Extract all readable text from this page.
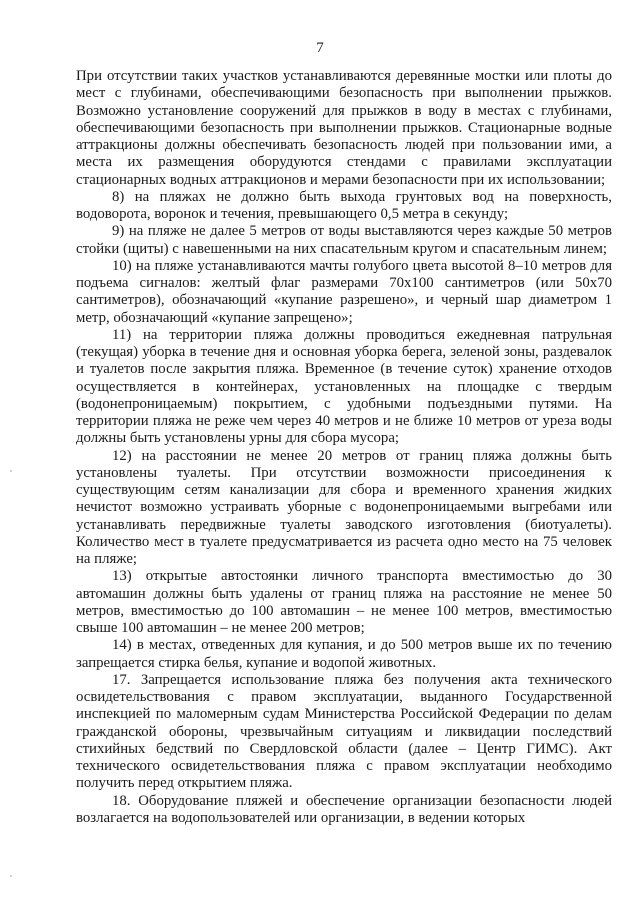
7

При отсутствии таких участков устанавливаются деревянные мостки или плоты до мест с глубинами, обеспечивающими безопасность при выполнении прыжков. Возможно установление сооружений для прыжков в воду в местах с глубинами, обеспечивающими безопасность при выполнении прыжков. Стационарные водные аттракционы должны обеспечивать безопасность людей при пользовании ими, а места их размещения оборудуются стендами с правилами эксплуатации стационарных водных аттракционов и мерами безопасности при их использовании;

8) на пляжах не должно быть выхода грунтовых вод на поверхность, водоворота, воронок и течения, превышающего 0,5 метра в секунду;

9) на пляже не далее 5 метров от воды выставляются через каждые 50 метров стойки (щиты) с навешенными на них спасательным кругом и спасательным линем;

10) на пляже устанавливаются мачты голубого цвета высотой 8–10 метров для подъема сигналов: желтый флаг размерами 70х100 сантиметров (или 50х70 сантиметров), обозначающий «купание разрешено», и черный шар диаметром 1 метр, обозначающий «купание запрещено»;

11) на территории пляжа должны проводиться ежедневная патрульная (текущая) уборка в течение дня и основная уборка берега, зеленой зоны, раздевалок и туалетов после закрытия пляжа. Временное (в течение суток) хранение отходов осуществляется в контейнерах, установленных на площадке с твердым (водонепроницаемым) покрытием, с удобными подъездными путями. На территории пляжа не реже чем через 40 метров и не ближе 10 метров от уреза воды должны быть установлены урны для сбора мусора;

12) на расстоянии не менее 20 метров от границ пляжа должны быть установлены туалеты. При отсутствии возможности присоединения к существующим сетям канализации для сбора и временного хранения жидких нечистот возможно устраивать уборные с водонепроницаемыми выгребами или устанавливать передвижные туалеты заводского изготовления (биотуалеты). Количество мест в туалете предусматривается из расчета одно место на 75 человек на пляже;

13) открытые автостоянки личного транспорта вместимостью до 30 автомашин должны быть удалены от границ пляжа на расстояние не менее 50 метров, вместимостью до 100 автомашин – не менее 100 метров, вместимостью свыше 100 автомашин – не менее 200 метров;

14) в местах, отведенных для купания, и до 500 метров выше их по течению запрещается стирка белья, купание и водопой животных.

17. Запрещается использование пляжа без получения акта технического освидетельствования с правом эксплуатации, выданного Государственной инспекцией по маломерным судам Министерства Российской Федерации по делам гражданской обороны, чрезвычайным ситуациям и ликвидации последствий стихийных бедствий по Свердловской области (далее – Центр ГИМС). Акт технического освидетельствования пляжа с правом эксплуатации необходимо получить перед открытием пляжа.

18. Оборудование пляжей и обеспечение организации безопасности людей возлагается на водопользователей или организации, в ведении которых
